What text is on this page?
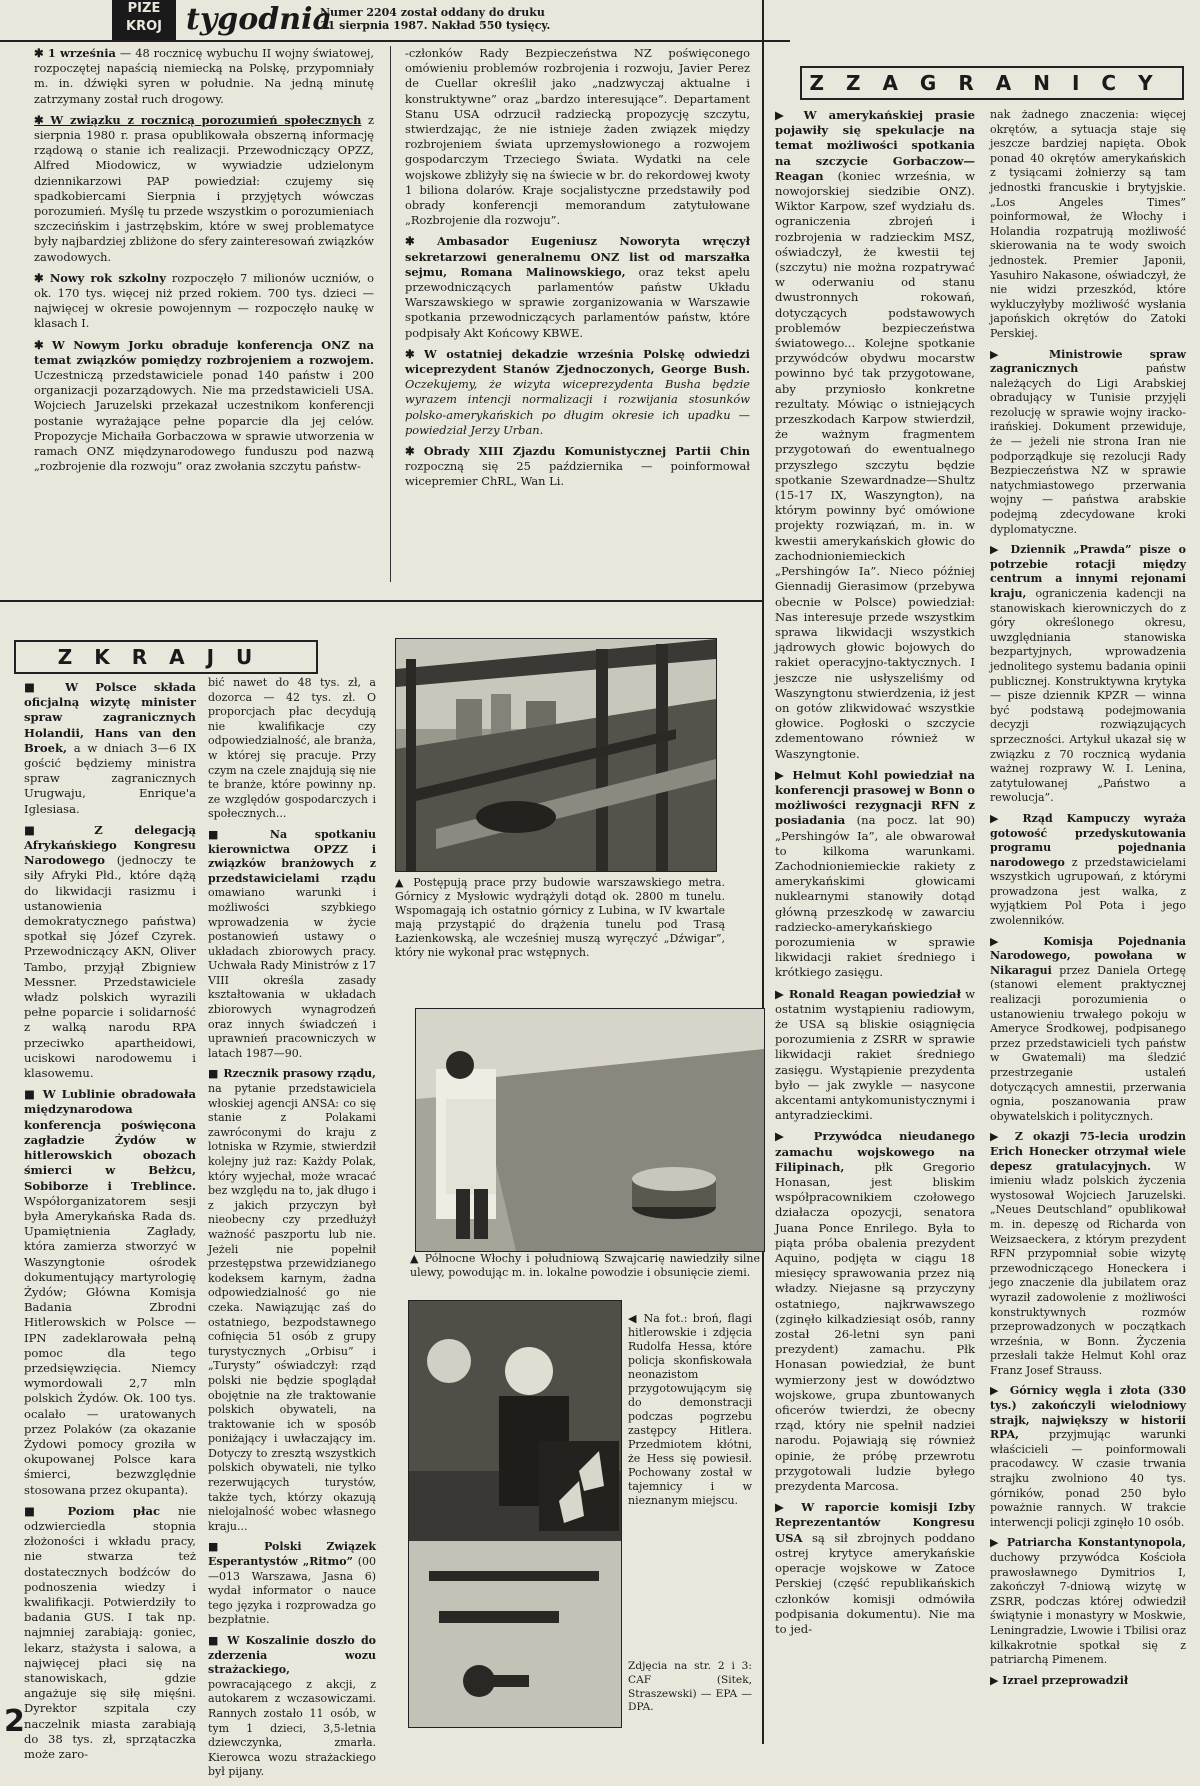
PIZE
KROJ tygodnia
Numer 2204 został oddany do druku
31 sierpnia 1987. Nakład 550 tysięcy.

✱ 1 września — 48 rocznicę wybuchu II wojny światowej, rozpoczętej napaścią niemiecką na Polskę, przypomniały m. in. dźwięki syren w południe. Na jedną minutę zatrzymany został ruch drogowy.

✱ W związku z rocznicą porozumień społecznych z sierpnia 1980 r. prasa opublikowała obszerną informację rządową o stanie ich realizacji. Przewodniczący OPZZ, Alfred Miodowicz, w wywiadzie udzielonym dziennikarzowi PAP powiedział: czujemy się spadkobiercami Sierpnia i przyjętych wówczas porozumień. Myślę tu przede wszystkim o porozumieniach szczecińskim i jastrzębskim, które w swej problematyce były najbardziej zbliżone do sfery zainteresowań związków zawodowych.

✱ Nowy rok szkolny rozpoczęło 7 milionów uczniów, o ok. 170 tys. więcej niż przed rokiem. 700 tys. dzieci — najwięcej w okresie powojennym — rozpoczęło naukę w klasach I.

✱ W Nowym Jorku obraduje konferencja ONZ na temat związków pomiędzy rozbrojeniem a rozwojem. Uczestniczą przedstawiciele ponad 140 państw i 200 organizacji pozarządowych. Nie ma przedstawicieli USA. Wojciech Jaruzelski przekazał uczestnikom konferencji postanie wyrażające pełne poparcie dla jej celów. Propozycje Michaiła Gorbaczowa w sprawie utworzenia w ramach ONZ międzynarodowego funduszu pod nazwą „rozbrojenie dla rozwoju” oraz zwołania szczytu państw-

-członków Rady Bezpieczeństwa NZ poświęconego omówieniu problemów rozbrojenia i rozwoju, Javier Perez de Cuellar określił jako „nadzwyczaj aktualne i konstruktywne” oraz „bardzo interesujące”. Departament Stanu USA odrzucił radziecką propozycję szczytu, stwierdzając, że nie istnieje żaden związek między rozbrojeniem świata uprzemysłowionego a rozwojem gospodarczym Trzeciego Świata. Wydatki na cele wojskowe zbliżyły się na świecie w br. do rekordowej kwoty 1 biliona dolarów. Kraje socjalistyczne przedstawiły pod obrady konferencji memorandum zatytułowane „Rozbrojenie dla rozwoju”.

✱ Ambasador Eugeniusz Noworyta wręczył sekretarzowi generalnemu ONZ list od marszałka sejmu, Romana Malinowskiego, oraz tekst apelu przewodniczących parlamentów państw Układu Warszawskiego w sprawie zorganizowania w Warszawie spotkania przewodniczących parlamentów państw, które podpisały Akt Końcowy KBWE.

✱ W ostatniej dekadzie września Polskę odwiedzi wiceprezydent Stanów Zjednoczonych, George Bush. Oczekujemy, że wizyta wiceprezydenta Busha będzie wyrazem intencji normalizacji i rozwijania stosunków polsko-amerykańskich po długim okresie ich upadku — powiedział Jerzy Urban.

✱ Obrady XIII Zjazdu Komunistycznej Partii Chin rozpoczną się 25 października — poinformował wicepremier ChRL, Wan Li.

ZZAGRANICY

▶ W amerykańskiej prasie pojawiły się spekulacje na temat możliwości spotkania na szczycie Gorbaczow—Reagan (koniec września, w nowojorskiej siedzibie ONZ). Wiktor Karpow, szef wydziału ds. ograniczenia zbrojeń i rozbrojenia w radzieckim MSZ, oświadczył, że kwestii tej (szczytu) nie można rozpatrywać w oderwaniu od stanu dwustronnych rokowań, dotyczących podstawowych problemów bezpieczeństwa światowego... Kolejne spotkanie przywódców obydwu mocarstw powinno być tak przygotowane, aby przyniosło konkretne rezultaty. Mówiąc o istniejących przeszkodach Karpow stwierdził, że ważnym fragmentem przygotowań do ewentualnego przyszłego szczytu będzie spotkanie Szewardnadze—Shultz (15-17 IX, Waszyngton), na którym powinny być omówione projekty rozwiązań, m. in. w kwestii amerykańskich głowic do zachodnioniemieckich „Pershingów Ia”. Nieco później Giennadij Gierasimow (przebywa obecnie w Polsce) powiedział: Nas interesuje przede wszystkim sprawa likwidacji wszystkich jądrowych głowic bojowych do rakiet operacyjno-taktycznych. I jeszcze nie usłyszeliśmy od Waszyngtonu stwierdzenia, iż jest on gotów zlikwidować wszystkie głowice. Pogłoski o szczycie zdementowano również w Waszyngtonie.

▶ Helmut Kohl powiedział na konferencji prasowej w Bonn o możliwości rezygnacji RFN z posiadania (na pocz. lat 90) „Pershingów Ia”, ale obwarował to kilkoma warunkami. Zachodnioniemieckie rakiety z amerykańskimi głowicami nuklearnymi stanowiły dotąd główną przeszkodę w zawarciu radziecko-amerykańskiego porozumienia w sprawie likwidacji rakiet średniego i krótkiego zasięgu.

▶ Ronald Reagan powiedział w ostatnim wystąpieniu radiowym, że USA są bliskie osiągnięcia porozumienia z ZSRR w sprawie likwidacji rakiet średniego zasięgu. Wystąpienie prezydenta było — jak zwykle — nasycone akcentami antykomunistycznymi i antyradzieckimi.

▶ Przywódca nieudanego zamachu wojskowego na Filipinach, płk Gregorio Honasan, jest bliskim współpracownikiem czołowego działacza opozycji, senatora Juana Ponce Enrilego. Była to piąta próba obalenia prezydent Aquino, podjęta w ciągu 18 miesięcy sprawowania przez nią władzy. Niejasne są przyczyny ostatniego, najkrwawszego (zginęło kilkadziesiąt osób, ranny został 26-letni syn pani prezydent) zamachu. Płk Honasan powiedział, że bunt wymierzony jest w dowództwo wojskowe, grupa zbuntowanych oficerów twierdzi, że obecny rząd, który nie spełnił nadziei narodu. Pojawiają się również opinie, że próbę przewrotu przygotowali ludzie byłego prezydenta Marcosa.

▶ W raporcie komisji Izby Reprezentantów Kongresu USA są sił zbrojnych poddano ostrej krytyce amerykańskie operacje wojskowe w Zatoce Perskiej (część republikańskich członków komisji odmówiła podpisania dokumentu). Nie ma to jed-

nak żadnego znaczenia: więcej okrętów, a sytuacja staje się jeszcze bardziej napięta. Obok ponad 40 okrętów amerykańskich z tysiącami żołnierzy są tam jednostki francuskie i brytyjskie. „Los Angeles Times” poinformował, że Włochy i Holandia rozpatrują możliwość skierowania na te wody swoich jednostek. Premier Japonii, Yasuhiro Nakasone, oświadczył, że nie widzi przeszkód, które wykluczyłyby możliwość wysłania japońskich okrętów do Zatoki Perskiej.

▶ Ministrowie spraw zagranicznych państw należących do Ligi Arabskiej obradujący w Tunisie przyjęli rezolucję w sprawie wojny iracko-irańskiej. Dokument przewiduje, że — jeżeli nie strona Iran nie podporządkuje się rezolucji Rady Bezpieczeństwa NZ w sprawie natychmiastowego przerwania wojny — państwa arabskie podejmą zdecydowane kroki dyplomatyczne.

▶ Dziennik „Prawda” pisze o potrzebie rotacji między centrum a innymi rejonami kraju, ograniczenia kadencji na stanowiskach kierowniczych do z góry określonego okresu, uwzględniania stanowiska bezpartyjnych, wprowadzenia jednolitego systemu badania opinii publicznej. Konstruktywna krytyka — pisze dziennik KPZR — winna być podstawą podejmowania decyzji rozwiązujących sprzeczności. Artykuł ukazał się w związku z 70 rocznicą wydania ważnej rozprawy W. I. Lenina, zatytułowanej „Państwo a rewolucja”.

▶ Rząd Kampuczy wyraża gotowość przedyskutowania programu pojednania narodowego z przedstawicielami wszystkich ugrupowań, z którymi prowadzona jest walka, z wyjątkiem Pol Pota i jego zwolenników.

▶ Komisja Pojednania Narodowego, powołana w Nikaragui przez Daniela Ortegę (stanowi element praktycznej realizacji porozumienia o ustanowieniu trwałego pokoju w Ameryce Środkowej, podpisanego przez przedstawicieli tych państw w Gwatemali) ma śledzić przestrzeganie ustaleń dotyczących amnestii, przerwania ognia, poszanowania praw obywatelskich i politycznych.

▶ Z okazji 75-lecia urodzin Erich Honecker otrzymał wiele depesz gratulacyjnych. W imieniu władz polskich życzenia wystosował Wojciech Jaruzelski. „Neues Deutschland” opublikował m. in. depeszę od Richarda von Weizsaeckera, z którym prezydent RFN przypomniał sobie wizytę przewodniczącego Honeckera i jego znaczenie dla jubilatem oraz wyraził zadowolenie z możliwości konstruktywnych rozmów przeprowadzonych w początkach września, w Bonn. Życzenia przesłali także Helmut Kohl oraz Franz Josef Strauss.

▶ Górnicy węgla i złota (330 tys.) zakończyli wielodniowy strajk, największy w historii RPA, przyjmując warunki właścicieli — poinformowali pracodawcy. W czasie trwania strajku zwolniono 40 tys. górników, ponad 250 było poważnie rannych. W trakcie interwencji policji zginęło 10 osób.

▶ Patriarcha Konstantynopola, duchowy przywódca Kościoła prawosławnego Dymitrios I, zakończył 7-dniową wizytę w ZSRR, podczas której odwiedził świątynie i monastyry w Moskwie, Leningradzie, Lwowie i Tbilisi oraz kilkakrotnie spotkał się z patriarchą Pimenem.

▶ Izrael przeprowadził

ZKRAJU

■ W Polsce składa oficjalną wizytę minister spraw zagranicznych Holandii, Hans van den Broek, a w dniach 3—6 IX gościć będziemy ministra spraw zagranicznych Urugwaju, Enrique'a Iglesiasa.

■ Z delegacją Afrykańskiego Kongresu Narodowego (jednoczy te siły Afryki Płd., które dążą do likwidacji rasizmu i ustanowienia demokratycznego państwa) spotkał się Józef Czyrek. Przewodniczący AKN, Oliver Tambo, przyjął Zbigniew Messner. Przedstawiciele władz polskich wyrazili pełne poparcie i solidarność z walką narodu RPA przeciwko apartheidowi, uciskowi narodowemu i klasowemu.

■ W Lublinie obradowała międzynarodowa konferencja poświęcona zagładzie Żydów w hitlerowskich obozach śmierci w Bełżcu, Sobiborze i Treblince. Współorganizatorem sesji była Amerykańska Rada ds. Upamiętnienia Zagłady, która zamierza stworzyć w Waszyngtonie ośrodek dokumentujący martyrologię Żydów; Główna Komisja Badania Zbrodni Hitlerowskich w Polsce — IPN zadeklarowała pełną pomoc dla tego przedsięwzięcia. Niemcy wymordowali 2,7 mln polskich Żydów. Ok. 100 tys. ocalało — uratowanych przez Polaków (za okazanie Żydowi pomocy groziła w okupowanej Polsce kara śmierci, bezwzględnie stosowana przez okupanta).

■ Poziom płac nie odzwierciedla stopnia złożoności i wkładu pracy, nie stwarza też dostatecznych bodźców do podnoszenia wiedzy i kwalifikacji. Potwierdziły to badania GUS. I tak np. najmniej zarabiają: goniec, lekarz, stażysta i salowa, a najwięcej płaci się na stanowiskach, gdzie angażuje się siłę mięśni. Dyrektor szpitala czy naczelnik miasta zarabiają do 38 tys. zł, sprzątaczka może zaro-

bić nawet do 48 tys. zł, a dozorca — 42 tys. zł. O proporcjach płac decydują nie kwalifikacje czy odpowiedzialność, ale branża, w której się pracuje. Przy czym na czele znajdują się nie te branże, które powinny np. ze względów gospodarczych i społecznych...

■ Na spotkaniu kierownictwa OPZZ i związków branżowych z przedstawicielami rządu omawiano warunki i możliwości szybkiego wprowadzenia w życie postanowień ustawy o układach zbiorowych pracy. Uchwała Rady Ministrów z 17 VIII określa zasady kształtowania w układach zbiorowych wynagrodzeń oraz innych świadczeń i uprawnień pracowniczych w latach 1987—90.

■ Rzecznik prasowy rządu, na pytanie przedstawiciela włoskiej agencji ANSA: co się stanie z Polakami zawróconymi do kraju z lotniska w Rzymie, stwierdził kolejny już raz: Każdy Polak, który wyjechał, może wracać bez względu na to, jak długo i z jakich przyczyn był nieobecny czy przedłużył ważność paszportu lub nie. Jeżeli nie popełnił przestępstwa przewidzianego kodeksem karnym, żadna odpowiedzialność go nie czeka. Nawiązując zaś do ostatniego, bezpodstawnego cofnięcia 51 osób z grupy turystycznych „Orbisu” i „Turysty” oświadczył: rząd polski nie będzie spoglądał obojętnie na złe traktowanie polskich obywateli, na traktowanie ich w sposób poniżający i uwłaczający im. Dotyczy to zresztą wszystkich polskich obywateli, nie tylko rezerwujących turystów, także tych, którzy okazują nielojalność wobec własnego kraju...

■ Polski Związek Esperantystów „Ritmo” (00—013 Warszawa, Jasna 6) wydał informator o nauce tego języka i rozprowadza go bezpłatnie.

■ W Koszalinie doszło do zderzenia wozu strażackiego, powracającego z akcji, z autokarem z wczasowiczami. Rannych zostało 11 osób, w tym 1 dzieci, 3,5-letnia dziewczynka, zmarła. Kierowca wozu strażackiego był pijany.

▲ Postępują prace przy budowie warszawskiego metra. Górnicy z Mysłowic wydrążyli dotąd ok. 2800 m tunelu. Wspomagają ich ostatnio górnicy z Lubina, w IV kwartale mają przystąpić do drążenia tunelu pod Trasą Łazienkowską, ale wcześniej muszą wyręczyć „Dźwigar”, który nie wykonał prac wstępnych.
▲ Północne Włochy i południową Szwajcarię nawiedziły silne ulewy, powodując m. in. lokalne powodzie i obsunięcie ziemi.
◀ Na fot.: broń, flagi hitlerowskie i zdjęcia Rudolfa Hessa, które policja skonfiskowała neonazistom przygotowującym się do demonstracji podczas pogrzebu zastępcy Hitlera. Przedmiotem kłótni, że Hess się powiesił. Pochowany został w tajemnicy i w nieznanym miejscu.
Zdjęcia na str. 2 i 3: CAF (Sitek, Straszewski) — EPA — DPA.
2
